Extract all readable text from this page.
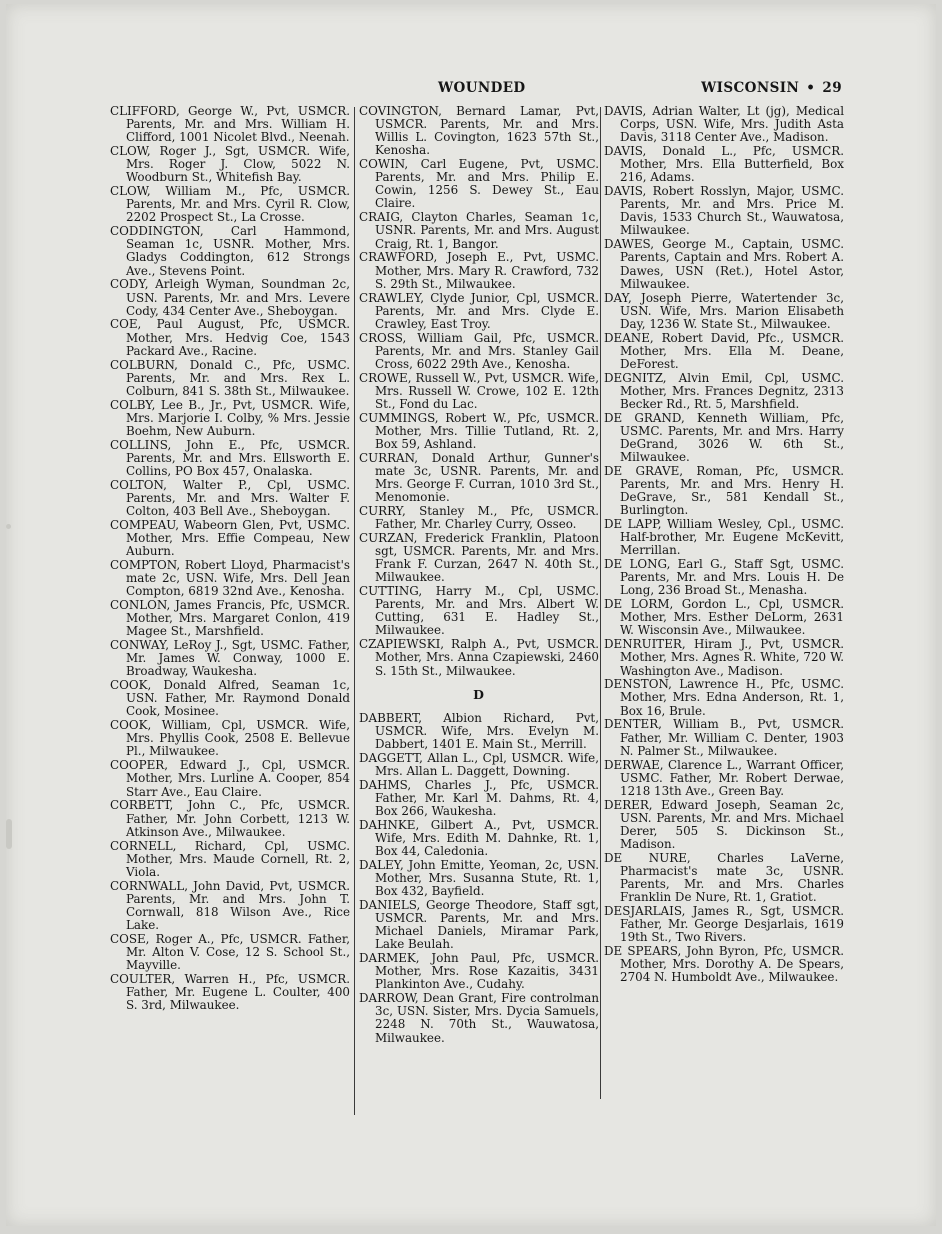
WOUNDED	WISCONSIN • 29

CLIFFORD, George W., Pvt, USMCR. Parents, Mr. and Mrs. William H. Clifford, 1001 Nicolet Blvd., Neenah.

CLOW, Roger J., Sgt, USMCR. Wife, Mrs. Roger J. Clow, 5022 N. Woodburn St., Whitefish Bay.

CLOW, William M., Pfc, USMCR. Parents, Mr. and Mrs. Cyril R. Clow, 2202 Prospect St., La Crosse.

CODDINGTON, Carl Hammond, Seaman 1c, USNR. Mother, Mrs. Gladys Coddington, 612 Strongs Ave., Stevens Point.

CODY, Arleigh Wyman, Soundman 2c, USN. Parents, Mr. and Mrs. Levere Cody, 434 Center Ave., Sheboygan.

COE, Paul August, Pfc, USMCR. Mother, Mrs. Hedvig Coe, 1543 Packard Ave., Racine.

COLBURN, Donald C., Pfc, USMC. Parents, Mr. and Mrs. Rex L. Colburn, 841 S. 38th St., Milwaukee.

COLBY, Lee B., Jr., Pvt, USMCR. Wife, Mrs. Marjorie I. Colby, % Mrs. Jessie Boehm, New Auburn.

COLLINS, John E., Pfc, USMCR. Parents, Mr. and Mrs. Ellsworth E. Collins, PO Box 457, Onalaska.

COLTON, Walter P., Cpl, USMC. Parents, Mr. and Mrs. Walter F. Colton, 403 Bell Ave., Sheboygan.

COMPEAU, Wabeorn Glen, Pvt, USMC. Mother, Mrs. Effie Compeau, New Auburn.

COMPTON, Robert Lloyd, Pharmacist's mate 2c, USN. Wife, Mrs. Dell Jean Compton, 6819 32nd Ave., Kenosha.

CONLON, James Francis, Pfc, USMCR. Mother, Mrs. Margaret Conlon, 419 Magee St., Marshfield.

CONWAY, LeRoy J., Sgt, USMC. Father, Mr. James W. Conway, 1000 E. Broadway, Waukesha.

COOK, Donald Alfred, Seaman 1c, USN. Father, Mr. Raymond Donald Cook, Mosinee.

COOK, William, Cpl, USMCR. Wife, Mrs. Phyllis Cook, 2508 E. Bellevue Pl., Milwaukee.

COOPER, Edward J., Cpl, USMCR. Mother, Mrs. Lurline A. Cooper, 854 Starr Ave., Eau Claire.

CORBETT, John C., Pfc, USMCR. Father, Mr. John Corbett, 1213 W. Atkinson Ave., Milwaukee.

CORNELL, Richard, Cpl, USMC. Mother, Mrs. Maude Cornell, Rt. 2, Viola.

CORNWALL, John David, Pvt, USMCR. Parents, Mr. and Mrs. John T. Cornwall, 818 Wilson Ave., Rice Lake.

COSE, Roger A., Pfc, USMCR. Father, Mr. Alton V. Cose, 12 S. School St., Mayville.

COULTER, Warren H., Pfc, USMCR. Father, Mr. Eugene L. Coulter, 400 S. 3rd, Milwaukee.

COVINGTON, Bernard Lamar, Pvt, USMCR. Parents, Mr. and Mrs. Willis L. Covington, 1623 57th St., Kenosha.

COWIN, Carl Eugene, Pvt, USMC. Parents, Mr. and Mrs. Philip E. Cowin, 1256 S. Dewey St., Eau Claire.

CRAIG, Clayton Charles, Seaman 1c, USNR. Parents, Mr. and Mrs. August Craig, Rt. 1, Bangor.

CRAWFORD, Joseph E., Pvt, USMC. Mother, Mrs. Mary R. Crawford, 732 S. 29th St., Milwaukee.

CRAWLEY, Clyde Junior, Cpl, USMCR. Parents, Mr. and Mrs. Clyde E. Crawley, East Troy.

CROSS, William Gail, Pfc, USMCR. Parents, Mr. and Mrs. Stanley Gail Cross, 6022 29th Ave., Kenosha.

CROWE, Russell W., Pvt, USMCR. Wife, Mrs. Russell W. Crowe, 102 E. 12th St., Fond du Lac.

CUMMINGS, Robert W., Pfc, USMCR. Mother, Mrs. Tillie Tutland, Rt. 2, Box 59, Ashland.

CURRAN, Donald Arthur, Gunner's mate 3c, USNR. Parents, Mr. and Mrs. George F. Curran, 1010 3rd St., Menomonie.

CURRY, Stanley M., Pfc, USMCR. Father, Mr. Charley Curry, Osseo.

CURZAN, Frederick Franklin, Platoon sgt, USMCR. Parents, Mr. and Mrs. Frank F. Curzan, 2647 N. 40th St., Milwaukee.

CUTTING, Harry M., Cpl, USMC. Parents, Mr. and Mrs. Albert W. Cutting, 631 E. Hadley St., Milwaukee.

CZAPIEWSKI, Ralph A., Pvt, USMCR. Mother, Mrs. Anna Czapiewski, 2460 S. 15th St., Milwaukee.

D

DABBERT, Albion Richard, Pvt, USMCR. Wife, Mrs. Evelyn M. Dabbert, 1401 E. Main St., Merrill.

DAGGETT, Allan L., Cpl, USMCR. Wife, Mrs. Allan L. Daggett, Downing.

DAHMS, Charles J., Pfc, USMCR. Father, Mr. Karl M. Dahms, Rt. 4, Box 266, Waukesha.

DAHNKE, Gilbert A., Pvt, USMCR. Wife, Mrs. Edith M. Dahnke, Rt. 1, Box 44, Caledonia.

DALEY, John Emitte, Yeoman, 2c, USN. Mother, Mrs. Susanna Stute, Rt. 1, Box 432, Bayfield.

DANIELS, George Theodore, Staff sgt, USMCR. Parents, Mr. and Mrs. Michael Daniels, Miramar Park, Lake Beulah.

DARMEK, John Paul, Pfc, USMCR. Mother, Mrs. Rose Kazaitis, 3431 Plankinton Ave., Cudahy.

DARROW, Dean Grant, Fire controlman 3c, USN. Sister, Mrs. Dycia Samuels, 2248 N. 70th St., Wauwatosa, Milwaukee.

DAVIS, Adrian Walter, Lt (jg), Medical Corps, USN. Wife, Mrs. Judith Asta Davis, 3118 Center Ave., Madison.

DAVIS, Donald L., Pfc, USMCR. Mother, Mrs. Ella Butterfield, Box 216, Adams.

DAVIS, Robert Rosslyn, Major, USMC. Parents, Mr. and Mrs. Price M. Davis, 1533 Church St., Wauwatosa, Milwaukee.

DAWES, George M., Captain, USMC. Parents, Captain and Mrs. Robert A. Dawes, USN (Ret.), Hotel Astor, Milwaukee.

DAY, Joseph Pierre, Watertender 3c, USN. Wife, Mrs. Marion Elisabeth Day, 1236 W. State St., Milwaukee.

DEANE, Robert David, Pfc., USMCR. Mother, Mrs. Ella M. Deane, DeForest.

DEGNITZ, Alvin Emil, Cpl, USMC. Mother, Mrs. Frances Degnitz, 2313 Becker Rd., Rt. 5, Marshfield.

DE GRAND, Kenneth William, Pfc, USMC. Parents, Mr. and Mrs. Harry DeGrand, 3026 W. 6th St., Milwaukee.

DE GRAVE, Roman, Pfc, USMCR. Parents, Mr. and Mrs. Henry H. DeGrave, Sr., 581 Kendall St., Burlington.

DE LAPP, William Wesley, Cpl., USMC. Half-brother, Mr. Eugene McKevitt, Merrillan.

DE LONG, Earl G., Staff Sgt, USMC. Parents, Mr. and Mrs. Louis H. De Long, 236 Broad St., Menasha.

DE LORM, Gordon L., Cpl, USMCR. Mother, Mrs. Esther DeLorm, 2631 W. Wisconsin Ave., Milwaukee.

DENRUITER, Hiram J., Pvt, USMCR. Mother, Mrs. Agnes R. White, 720 W. Washington Ave., Madison.

DENSTON, Lawrence H., Pfc, USMC. Mother, Mrs. Edna Anderson, Rt. 1, Box 16, Brule.

DENTER, William B., Pvt, USMCR. Father, Mr. William C. Denter, 1903 N. Palmer St., Milwaukee.

DERWAE, Clarence L., Warrant Officer, USMC. Father, Mr. Robert Derwae, 1218 13th Ave., Green Bay.

DERER, Edward Joseph, Seaman 2c, USN. Parents, Mr. and Mrs. Michael Derer, 505 S. Dickinson St., Madison.

DE NURE, Charles LaVerne, Pharmacist's mate 3c, USNR. Parents, Mr. and Mrs. Charles Franklin De Nure, Rt. 1, Gratiot.

DESJARLAIS, James R., Sgt, USMCR. Father, Mr. George Desjarlais, 1619 19th St., Two Rivers.

DE SPEARS, John Byron, Pfc, USMCR. Mother, Mrs. Dorothy A. De Spears, 2704 N. Humboldt Ave., Milwaukee.
